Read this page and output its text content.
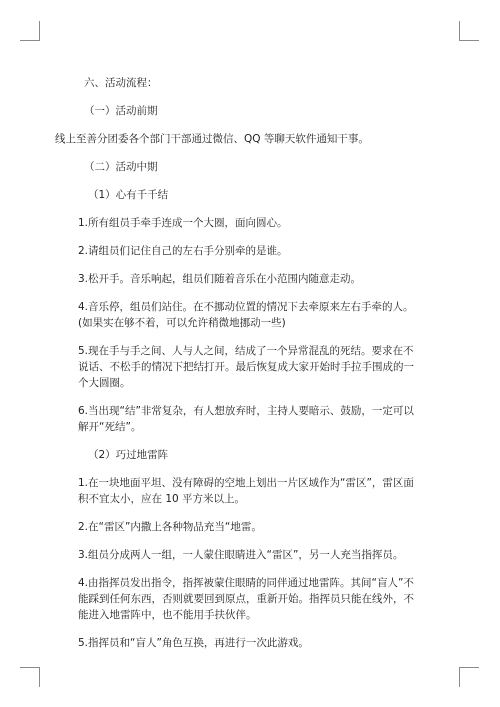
六、活动流程：

（一）活动前期

线上至善分团委各个部门干部通过微信、QQ 等聊天软件通知干事。

（二）活动中期

（1）心有千千结

1.所有组员手牵手连成一个大圈，面向圆心。

2.请组员们记住自己的左右手分别牵的是谁。

3.松开手。音乐响起，组员们随着音乐在小范围内随意走动。

4.音乐停，组员们站住。在不挪动位置的情况下去牵原来左右手牵的人。(如果实在够不着，可以允许稍微地挪动一些)

5.现在手与手之间、人与人之间，结成了一个异常混乱的死结。要求在不说话、不松手的情况下把结打开。最后恢复成大家开始时手拉手围成的一个大圆圈。

6.当出现“结”非常复杂，有人想放弃时，主持人要暗示、鼓励，一定可以解开“死结”。

（2）巧过地雷阵

1.在一块地面平坦、没有障碍的空地上划出一片区域作为“雷区”，雷区面积不宜太小，应在 10 平方米以上。

2.在“雷区”内撒上各种物品充当“地雷。

3.组员分成两人一组，一人蒙住眼睛进入“雷区”，另一人充当指挥员。

4.由指挥员发出指令，指挥被蒙住眼睛的同伴通过地雷阵。其间“盲人”不能踩到任何东西，否则就要回到原点，重新开始。指挥员只能在线外，不能进入地雷阵中，也不能用手扶伙伴。

5.指挥员和“盲人”角色互换，再进行一次此游戏。
